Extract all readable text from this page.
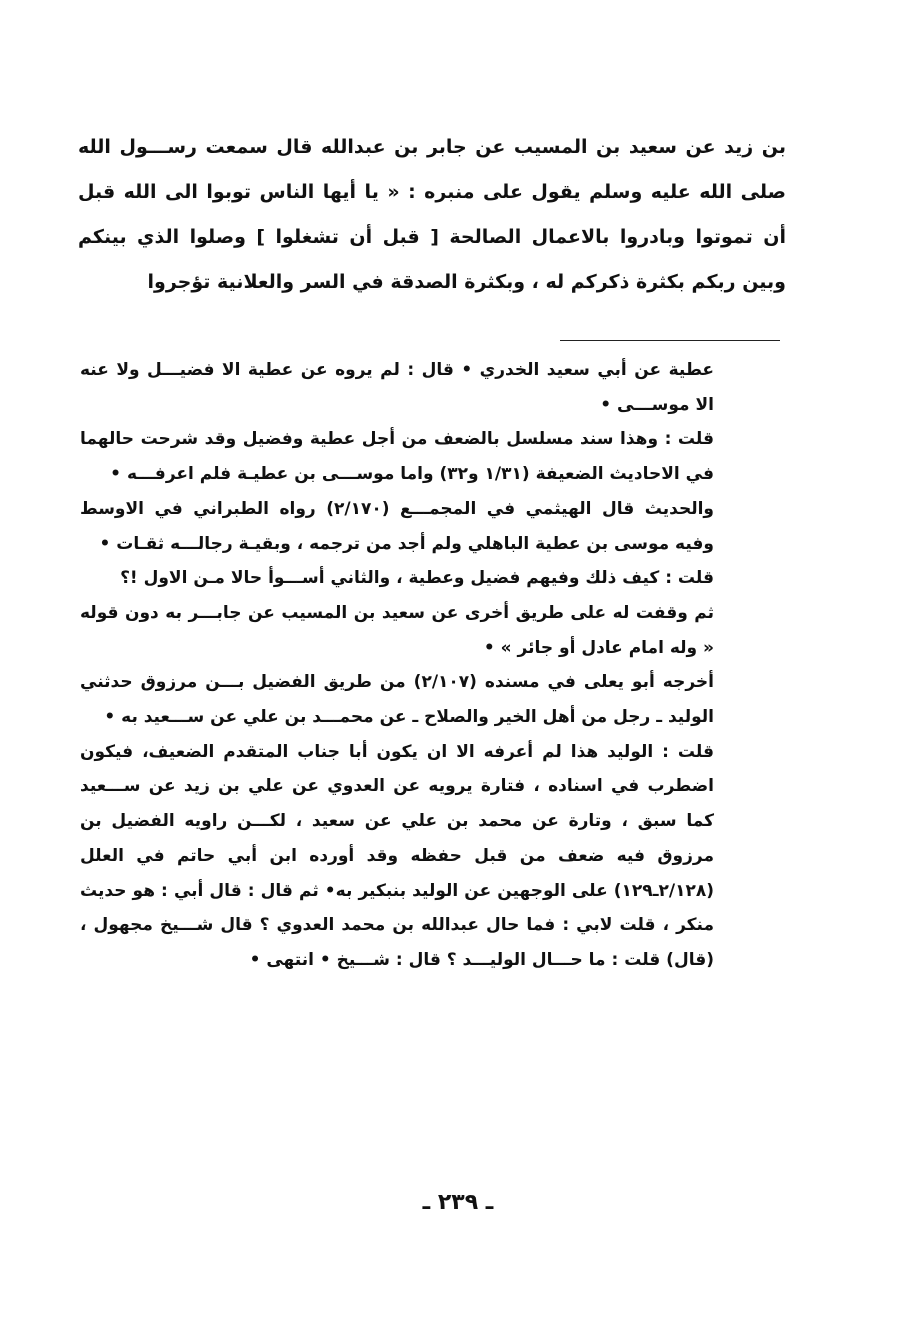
بن زيد عن سعيد بن المسيب عن جابر بن عبدالله قال سمعت رســـول الله صلى الله عليه وسلم يقول على منبره : « يا أيها الناس توبوا الى الله قبل أن تموتوا وبادروا بالاعمال الصالحة [ قبل أن تشغلوا ] وصلوا الذي بينكم وبين ربكم بكثرة ذكركم له ، وبكثرة الصدقة في السر والعلانية تؤجروا

عطية عن أبي سعيد الخدري • قال : لم يروه عن عطية الا فضيـــل ولا عنه الا موســـى •

قلت : وهذا سند مسلسل بالضعف من أجل عطية وفضيل وقد شرحت حالهما في الاحاديث الضعيفة (١/٣١ و٣٢) واما موســـى بن عطيـة فلم اعرفـــه •

والحديث قال الهيثمي في المجمـــع (٢/١٧٠) رواه الطبراني في الاوسط وفيه موسى بن عطية الباهلي ولم أجد من ترجمه ، وبقيـة رجالـــه ثقـات •

قلت : كيف ذلك وفيهم فضيل وعطية ، والثاني أســـوأ حالا مـن الاول !؟

ثم وقفت له على طريق أخرى عن سعيد بن المسيب عن جابـــر به دون قوله « وله امام عادل أو جائر » •

أخرجه أبو يعلى في مسنده (٢/١٠٧) من طريق الفضيل بـــن مرزوق حدثني الوليد ـ رجل من أهل الخير والصلاح ـ عن محمـــد بن علي عن ســـعيد به •

قلت : الوليد هذا لم أعرفه الا ان يكون أبا جناب المتقدم الضعيف، فيكون اضطرب في اسناده ، فتارة يرويه عن العدوي عن علي بن زيد عن ســـعيد كما سبق ، وتارة عن محمد بن علي عن سعيد ، لكـــن راويه الفضيل بن مرزوق فيه ضعف من قبل حفظه وقد أورده ابن أبي حاتم في العلل (٢/١٢٨ـ١٢٩) على الوجهين عن الوليد بنبكير به• ثم قال : قال أبي : هو حديث منكر ، قلت لابي : فما حال عبدالله بن محمد العدوي ؟ قال شـــيخ مجهول ، (قال) قلت : ما حـــال الوليـــد ؟ قال : شـــيخ • انتهى •

ـ ٢٣٩ ـ
